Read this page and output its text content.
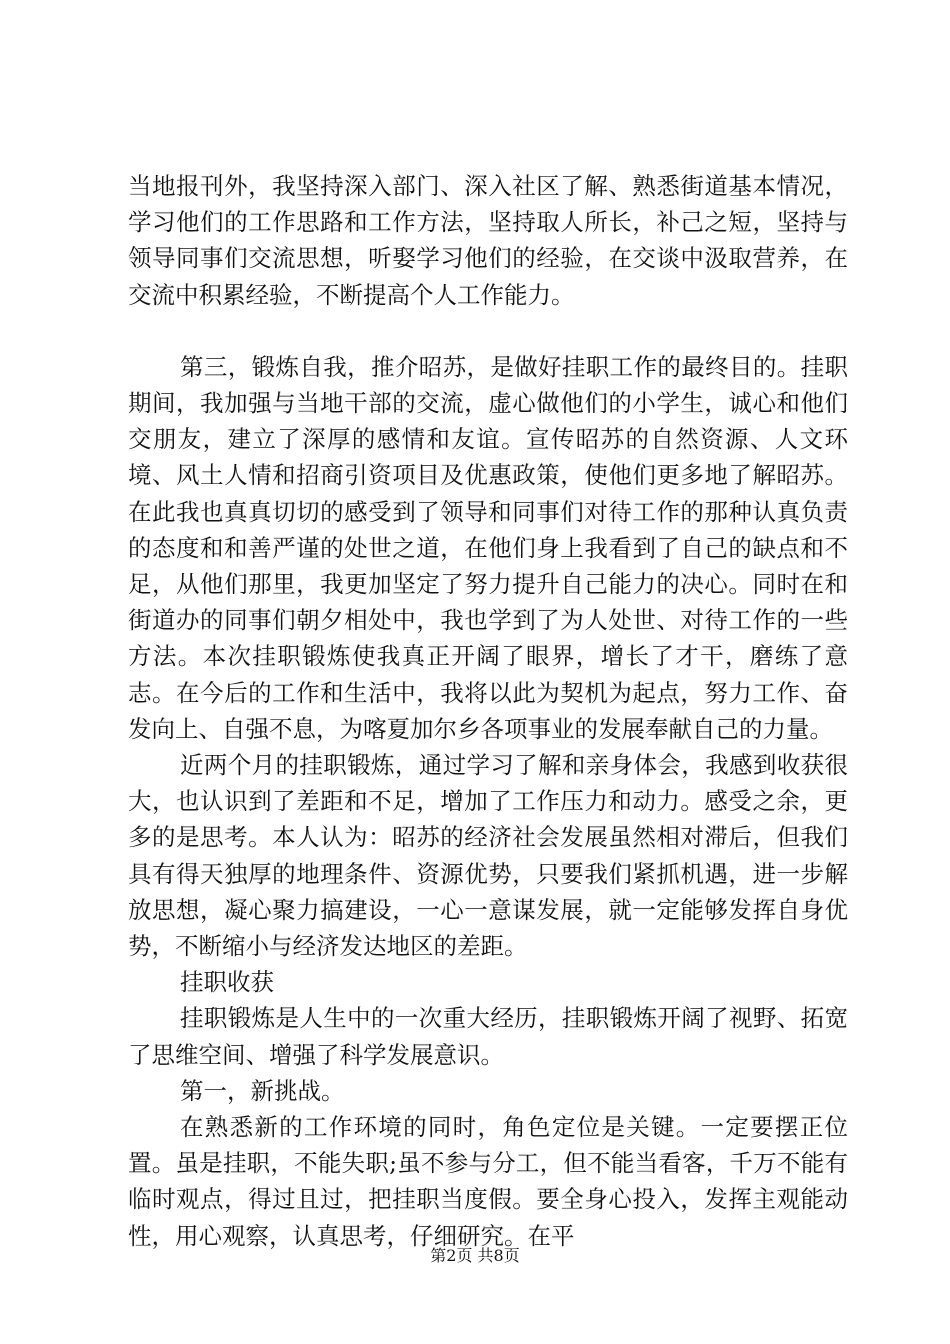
当地报刊外，我坚持深入部门、深入社区了解、熟悉街道基本情况，学习他们的工作思路和工作方法，坚持取人所长，补己之短，坚持与领导同事们交流思想，听娶学习他们的经验，在交谈中汲取营养，在交流中积累经验，不断提高个人工作能力。

第三，锻炼自我，推介昭苏，是做好挂职工作的最终目的。挂职期间，我加强与当地干部的交流，虚心做他们的小学生，诚心和他们交朋友，建立了深厚的感情和友谊。宣传昭苏的自然资源、人文环境、风土人情和招商引资项目及优惠政策，使他们更多地了解昭苏。在此我也真真切切的感受到了领导和同事们对待工作的那种认真负责的态度和和善严谨的处世之道，在他们身上我看到了自己的缺点和不足，从他们那里，我更加坚定了努力提升自己能力的决心。同时在和街道办的同事们朝夕相处中，我也学到了为人处世、对待工作的一些方法。本次挂职锻炼使我真正开阔了眼界，增长了才干，磨练了意志。在今后的工作和生活中，我将以此为契机为起点，努力工作、奋发向上、自强不息，为喀夏加尔乡各项事业的发展奉献自己的力量。

近两个月的挂职锻炼，通过学习了解和亲身体会，我感到收获很大，也认识到了差距和不足，增加了工作压力和动力。感受之余，更多的是思考。本人认为：昭苏的经济社会发展虽然相对滞后，但我们具有得天独厚的地理条件、资源优势，只要我们紧抓机遇，进一步解放思想，凝心聚力搞建设，一心一意谋发展，就一定能够发挥自身优势，不断缩小与经济发达地区的差距。

挂职收获

挂职锻炼是人生中的一次重大经历，挂职锻炼开阔了视野、拓宽了思维空间、增强了科学发展意识。

第一，新挑战。

在熟悉新的工作环境的同时，角色定位是关键。一定要摆正位置。虽是挂职，不能失职;虽不参与分工，但不能当看客，千万不能有临时观点，得过且过，把挂职当度假。要全身心投入，发挥主观能动性，用心观察，认真思考，仔细研究。在平

第2页 共8页
